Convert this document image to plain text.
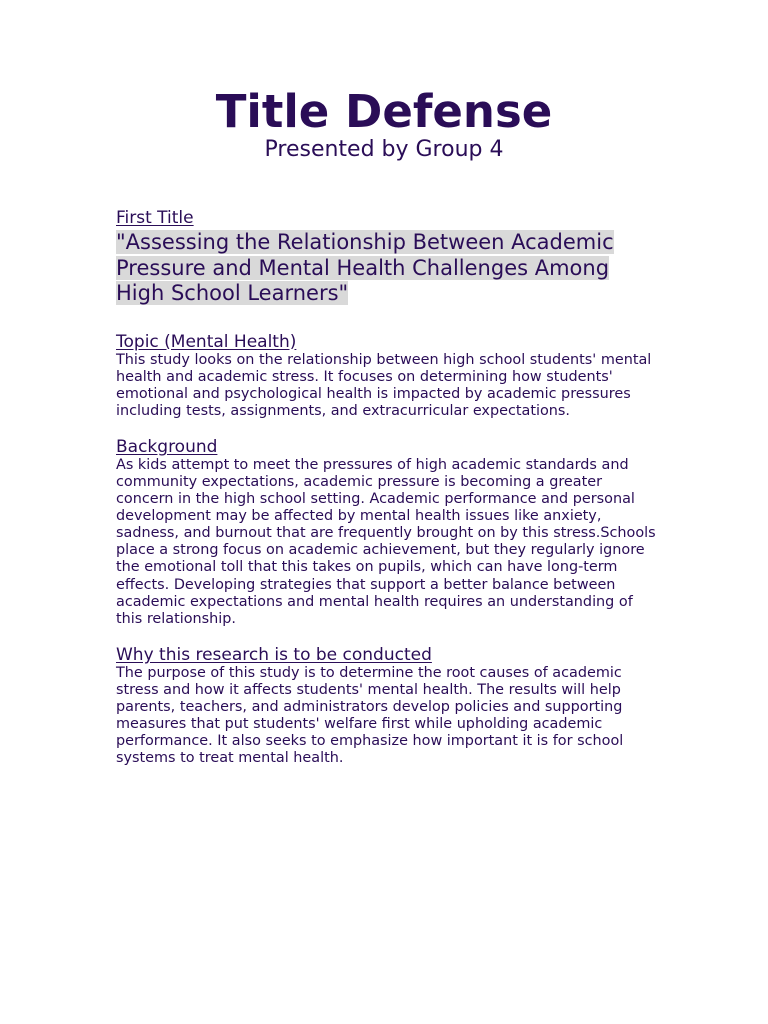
Title Defense
Presented by Group 4

First Title

"Assessing the Relationship Between Academic Pressure and Mental Health Challenges Among High School Learners"

Topic (Mental Health)

This study looks on the relationship between high school students' mental health and academic stress. It focuses on determining how students' emotional and psychological health is impacted by academic pressures including tests, assignments, and extracurricular expectations.

Background

As kids attempt to meet the pressures of high academic standards and community expectations, academic pressure is becoming a greater concern in the high school setting. Academic performance and personal development may be affected by mental health issues like anxiety, sadness, and burnout that are frequently brought on by this stress.Schools place a strong focus on academic achievement, but they regularly ignore the emotional toll that this takes on pupils, which can have long-term effects. Developing strategies that support a better balance between academic expectations and mental health requires an understanding of this relationship.

Why this research is to be conducted

The purpose of this study is to determine the root causes of academic stress and how it affects students' mental health. The results will help parents, teachers, and administrators develop policies and supporting measures that put students' welfare first while upholding academic performance. It also seeks to emphasize how important it is for school systems to treat mental health.
